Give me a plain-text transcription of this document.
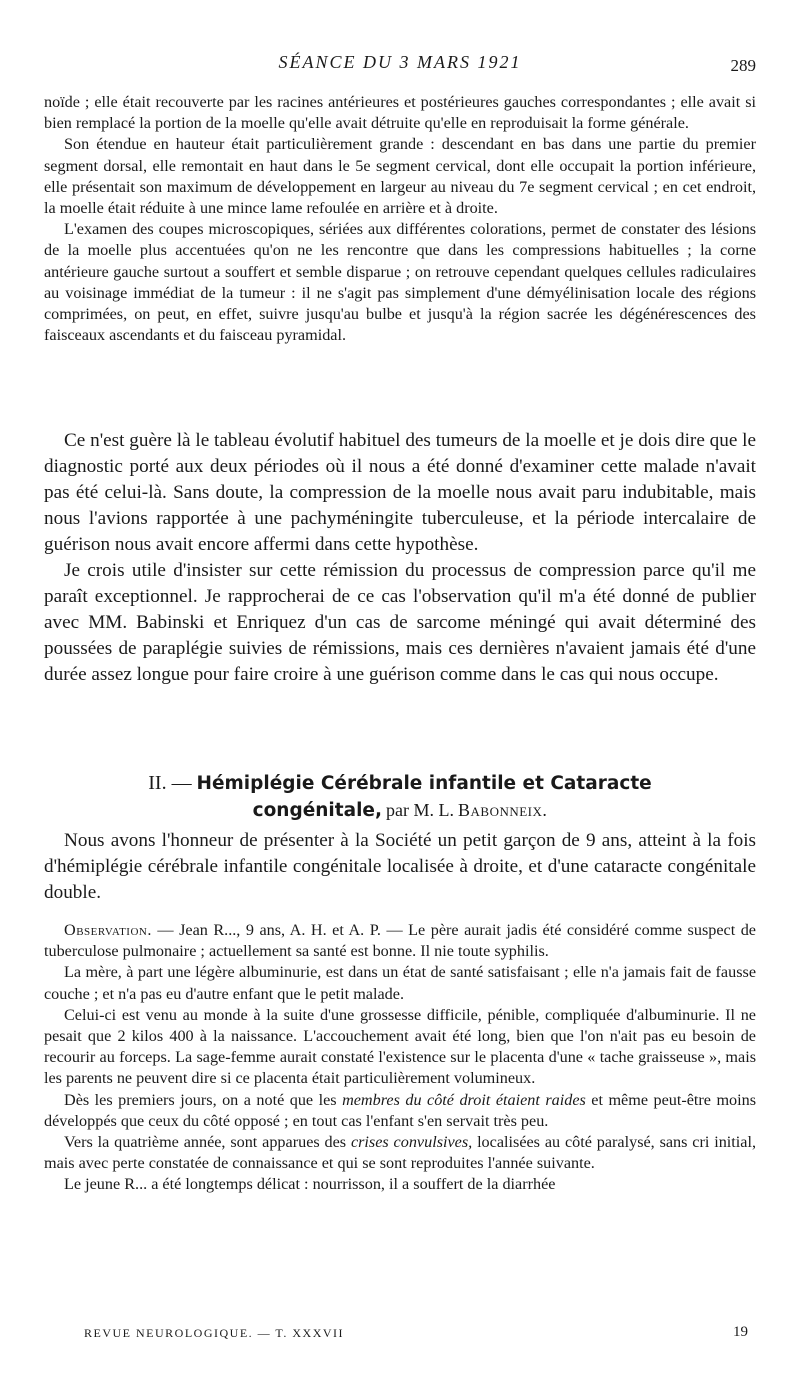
SÉANCE DU 3 MARS 1921	289

noïde ; elle était recouverte par les racines antérieures et postérieures gauches correspondantes ; elle avait si bien remplacé la portion de la moelle qu'elle avait détruite qu'elle en reproduisait la forme générale.

Son étendue en hauteur était particulièrement grande : descendant en bas dans une partie du premier segment dorsal, elle remontait en haut dans le 5e segment cervical, dont elle occupait la portion inférieure, elle présentait son maximum de développement en largeur au niveau du 7e segment cervical ; en cet endroit, la moelle était réduite à une mince lame refoulée en arrière et à droite.

L'examen des coupes microscopiques, sériées aux différentes colorations, permet de constater des lésions de la moelle plus accentuées qu'on ne les rencontre que dans les compressions habituelles ; la corne antérieure gauche surtout a souffert et semble disparue ; on retrouve cependant quelques cellules radiculaires au voisinage immédiat de la tumeur : il ne s'agit pas simplement d'une démyélinisation locale des régions comprimées, on peut, en effet, suivre jusqu'au bulbe et jusqu'à la région sacrée les dégénérescences des faisceaux ascendants et du faisceau pyramidal.

Ce n'est guère là le tableau évolutif habituel des tumeurs de la moelle et je dois dire que le diagnostic porté aux deux périodes où il nous a été donné d'examiner cette malade n'avait pas été celui-là. Sans doute, la compression de la moelle nous avait paru indubitable, mais nous l'avions rapportée à une pachyméningite tuberculeuse, et la période intercalaire de guérison nous avait encore affermi dans cette hypothèse.

Je crois utile d'insister sur cette rémission du processus de compression parce qu'il me paraît exceptionnel. Je rapprocherai de ce cas l'observation qu'il m'a été donné de publier avec MM. Babinski et Enriquez d'un cas de sarcome méningé qui avait déterminé des poussées de paraplégie suivies de rémissions, mais ces dernières n'avaient jamais été d'une durée assez longue pour faire croire à une guérison comme dans le cas qui nous occupe.

II. — Hémiplégie Cérébrale infantile et Cataracte
congénitale, par M. L. Babonneix.

Nous avons l'honneur de présenter à la Société un petit garçon de 9 ans, atteint à la fois d'hémiplégie cérébrale infantile congénitale localisée à droite, et d'une cataracte congénitale double.

Observation. — Jean R..., 9 ans, A. H. et A. P. — Le père aurait jadis été considéré comme suspect de tuberculose pulmonaire ; actuellement sa santé est bonne. Il nie toute syphilis.

La mère, à part une légère albuminurie, est dans un état de santé satisfaisant ; elle n'a jamais fait de fausse couche ; et n'a pas eu d'autre enfant que le petit malade.

Celui-ci est venu au monde à la suite d'une grossesse difficile, pénible, compliquée d'albuminurie. Il ne pesait que 2 kilos 400 à la naissance. L'accouchement avait été long, bien que l'on n'ait pas eu besoin de recourir au forceps. La sage-femme aurait constaté l'existence sur le placenta d'une « tache graisseuse », mais les parents ne peuvent dire si ce placenta était particulièrement volumineux.

Dès les premiers jours, on a noté que les membres du côté droit étaient raides et même peut-être moins développés que ceux du côté opposé ; en tout cas l'enfant s'en servait très peu.

Vers la quatrième année, sont apparues des crises convulsives, localisées au côté paralysé, sans cri initial, mais avec perte constatée de connaissance et qui se sont reproduites l'année suivante.

Le jeune R... a été longtemps délicat : nourrisson, il a souffert de la diarrhée

REVUE NEUROLOGIQUE. — T. XXXVII	19
